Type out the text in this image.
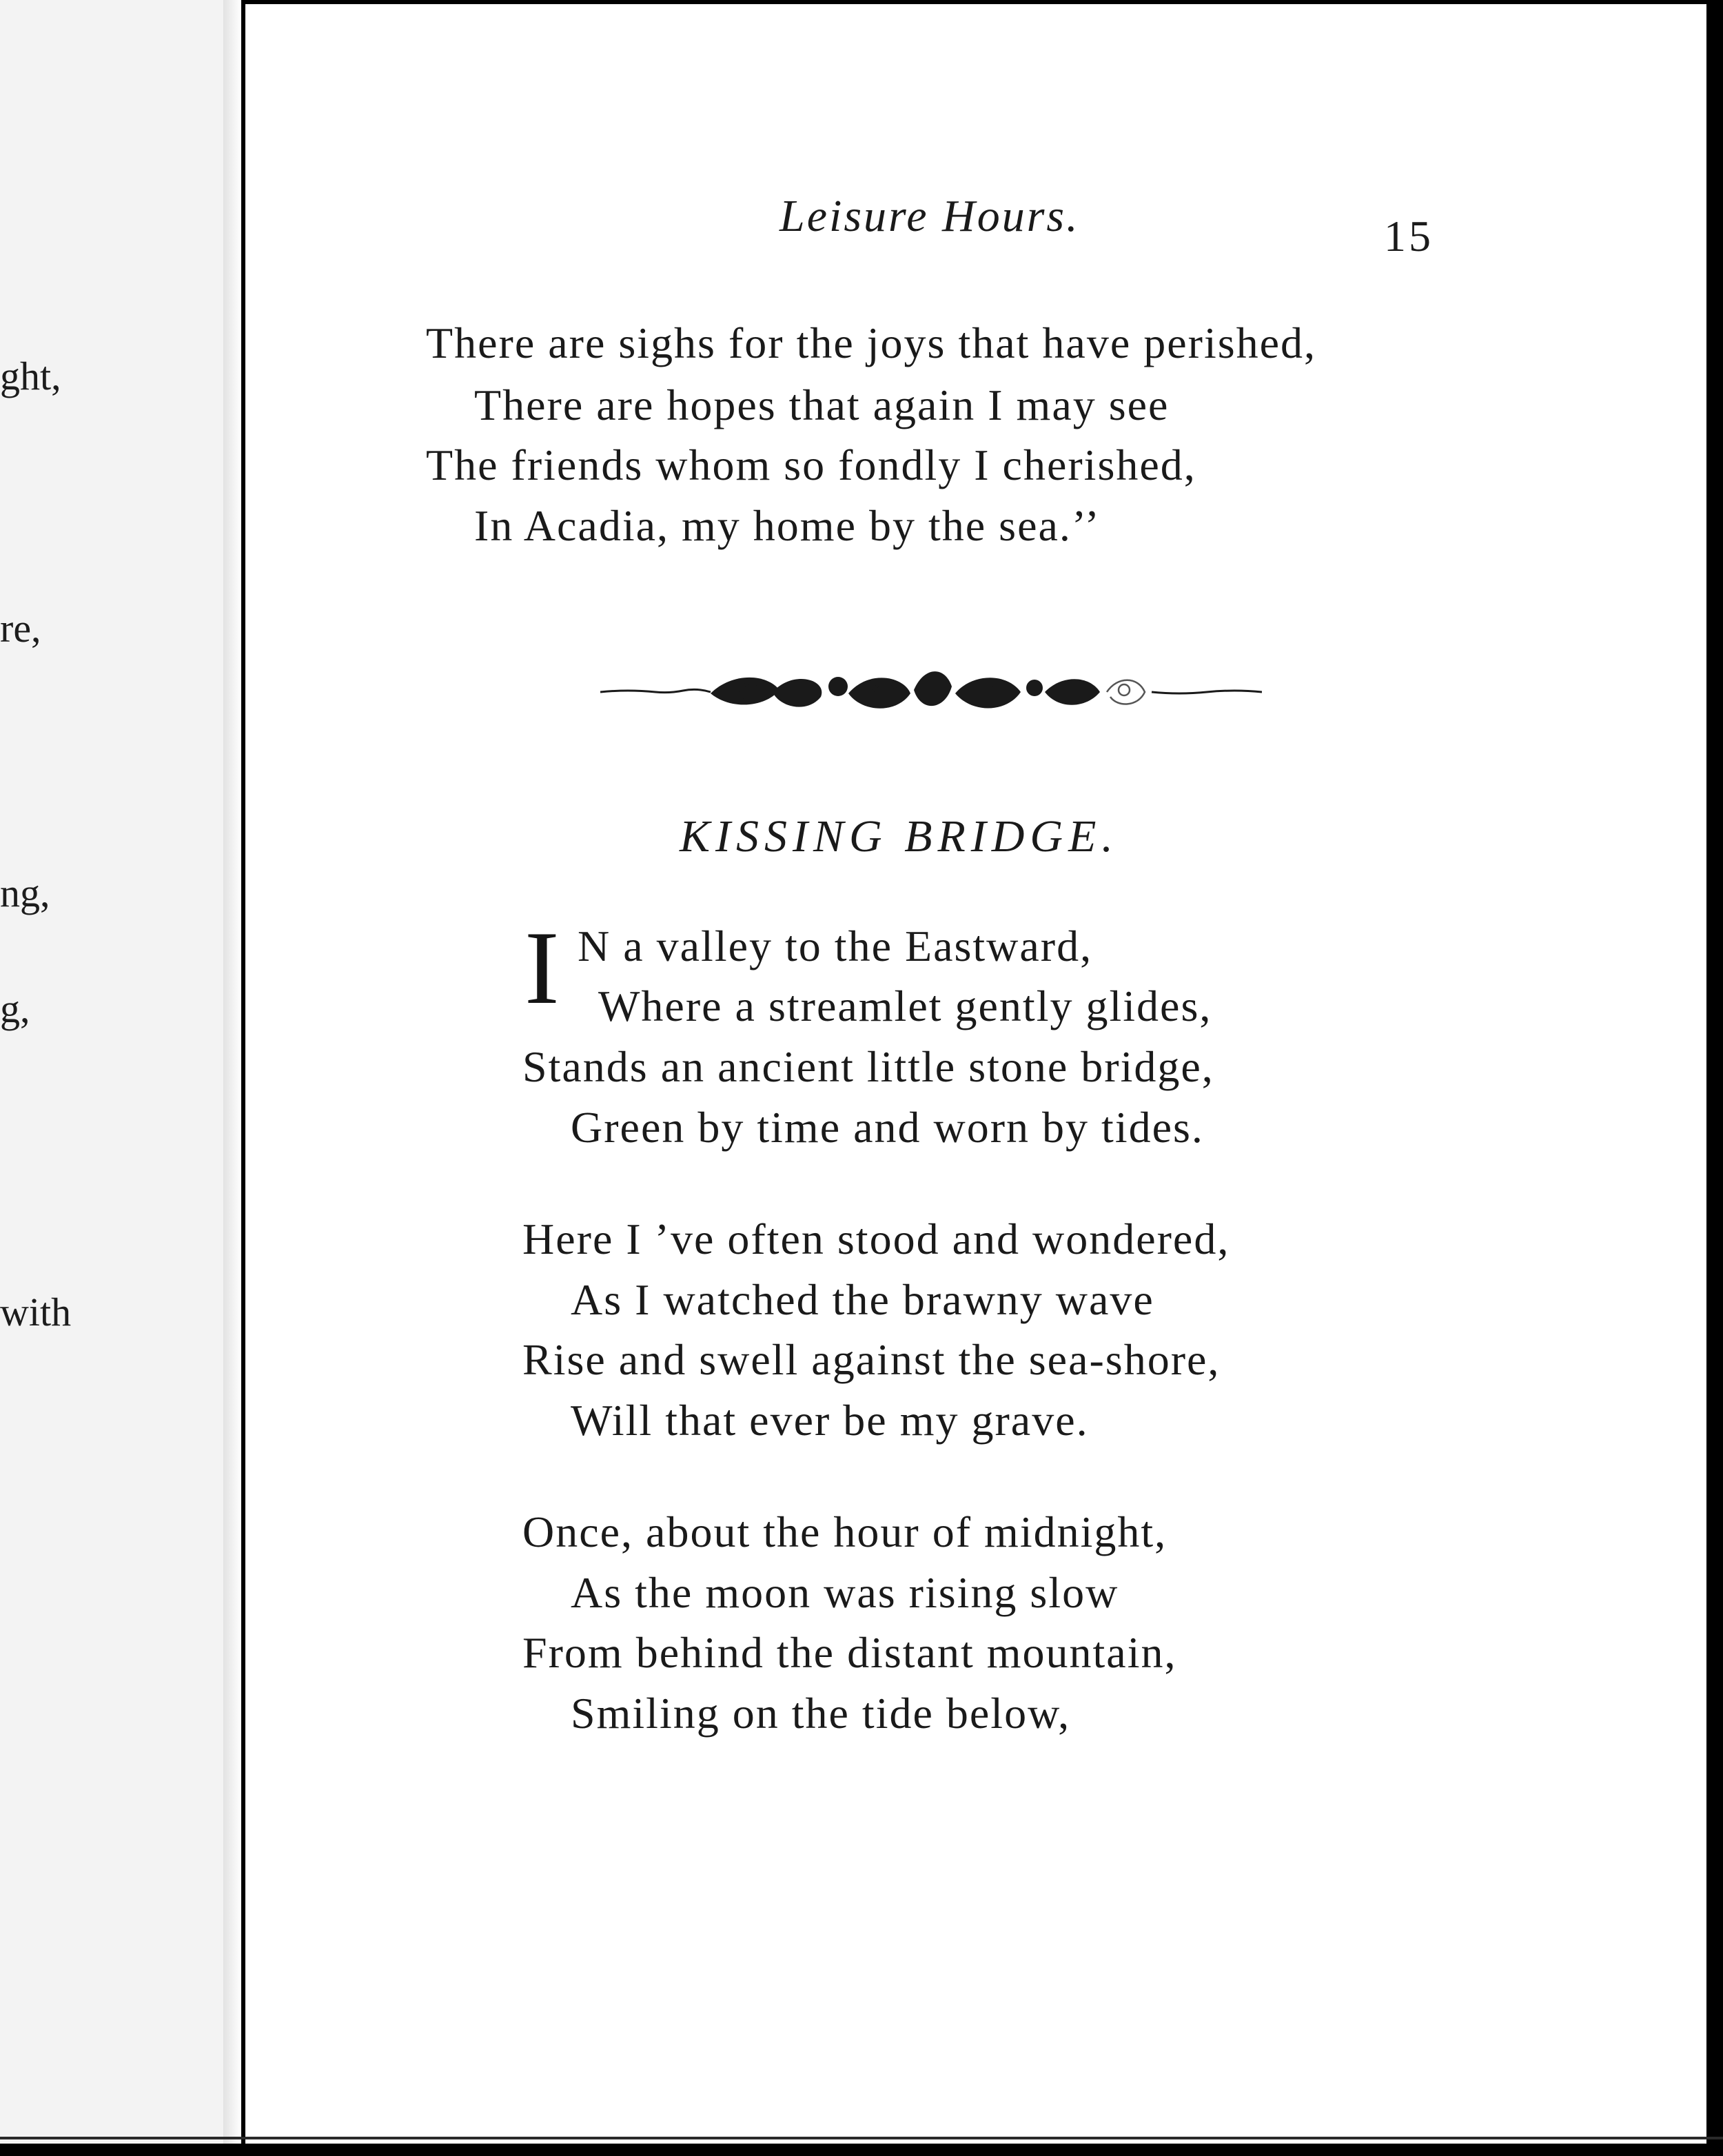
ght,
re,
ng,
g,
with
Leisure Hours.	15
There are sighs for the joys that have perished,
There are hopes that again I may see
The friends whom so fondly I cherished,
In Acadia, my home by the sea.’’
KISSING BRIDGE.
I N a valley to the Eastward,
Where a streamlet gently glides,
Stands an ancient little stone bridge,
Green by time and worn by tides.
Here I ’ve often stood and wondered,
As I watched the brawny wave
Rise and swell against the sea-shore,
Will that ever be my grave.
Once, about the hour of midnight,
As the moon was rising slow
From behind the distant mountain,
Smiling on the tide below,
